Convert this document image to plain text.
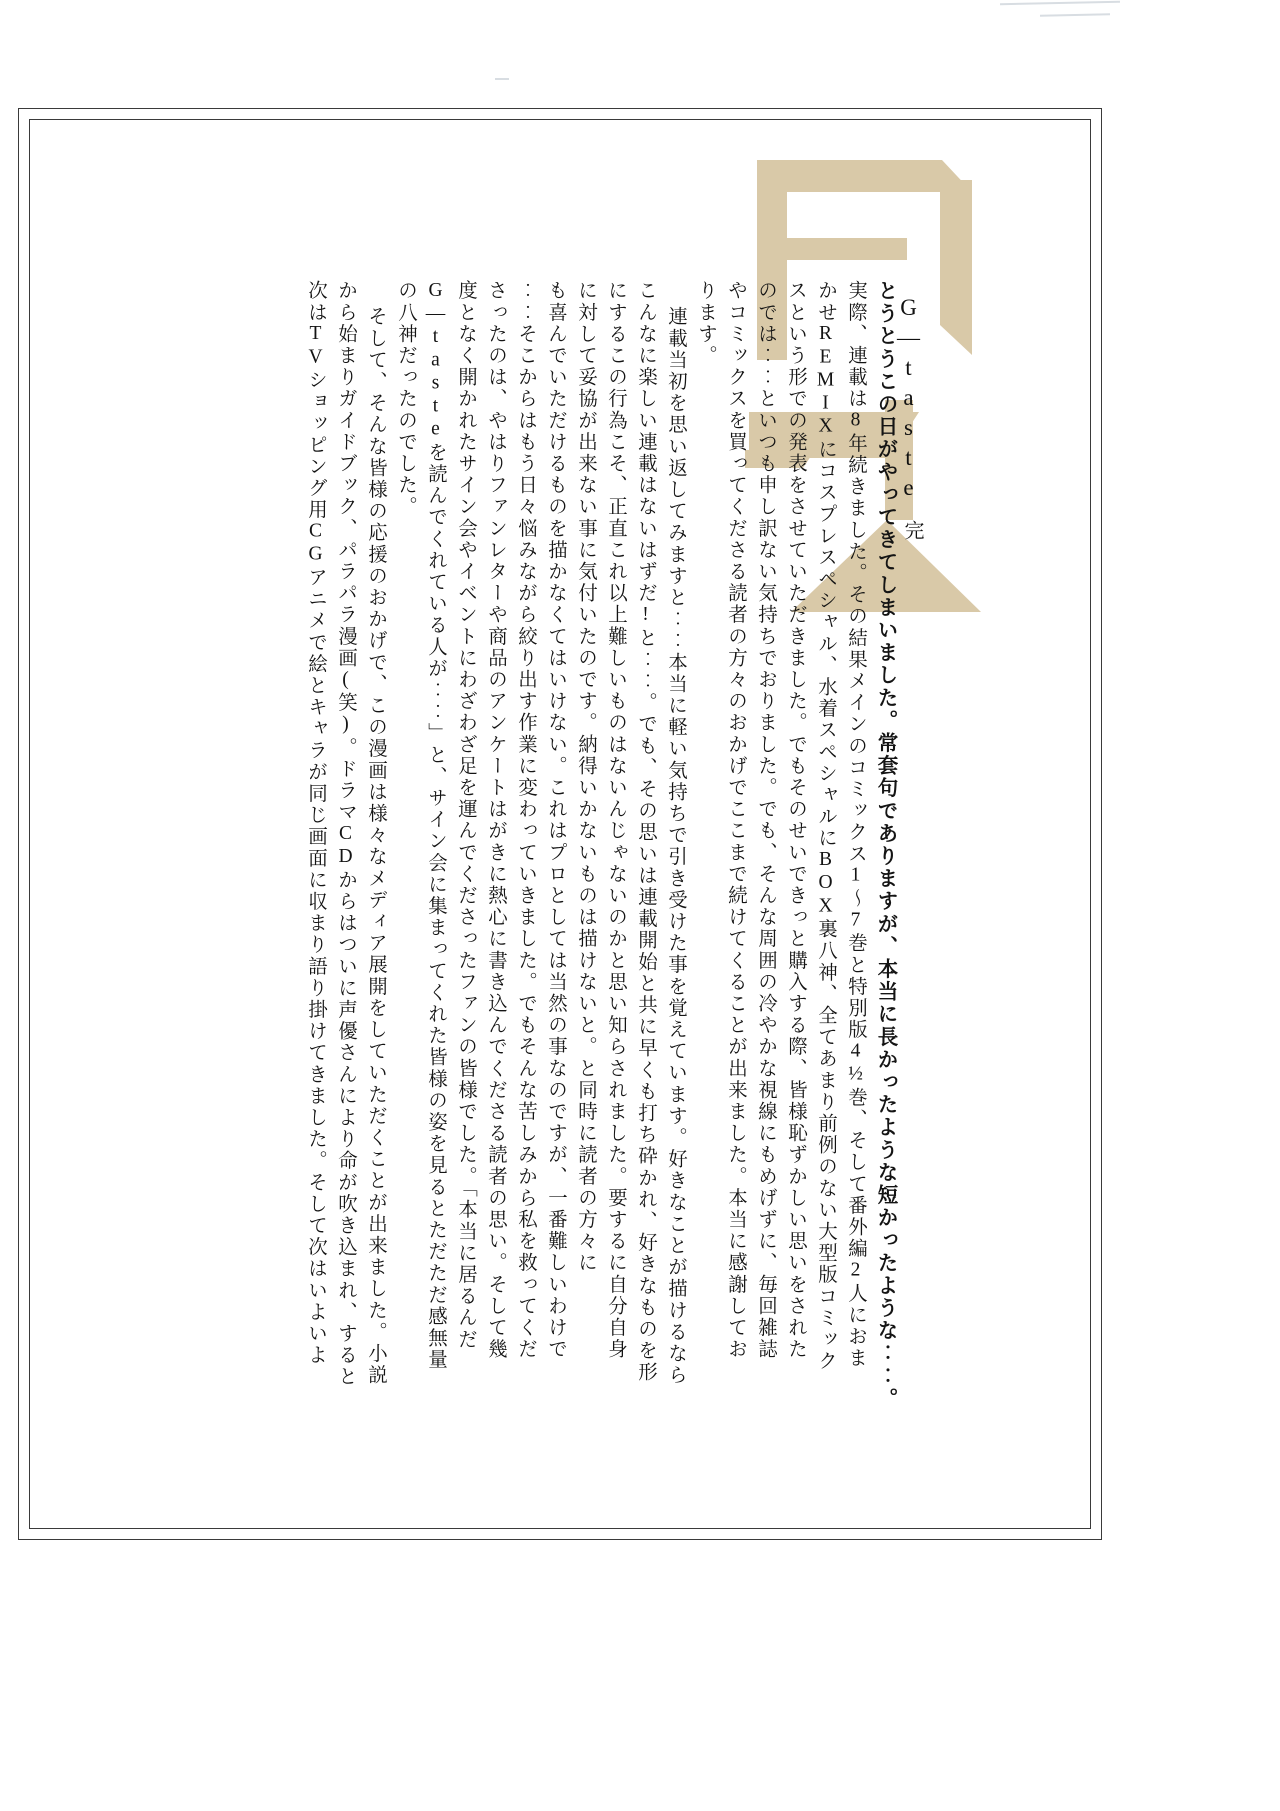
G—taste
完
とうとうこの日がやってきてしまいました。常套句でありますが、本当に長かったような短かったような‥‥。
実際、連載は8年続きました。その結果メインのコミックス1〜7巻と特別版4½巻、そして番外編2人におま
かせREMIXにコスプレスペシャル、水着スペシャルにBOX裏八神、全てあまり前例のない大型版コミック
スという形での発表をさせていただきました。でもそのせいできっと購入する際、皆様恥ずかしい思いをされた
のでは‥‥といつも申し訳ない気持ちでおりました。でも、そんな周囲の冷やかな視線にもめげずに、毎回雑誌
やコミックスを買ってくださる読者の方々のおかげでここまで続けてくることが出来ました。本当に感謝してお
ります。
連載当初を思い返してみますと‥‥本当に軽い気持ちで引き受けた事を覚えています。好きなことが描けるなら
こんなに楽しい連載はないはずだ!と‥‥。でも、その思いは連載開始と共に早くも打ち砕かれ、好きなものを形
にするこの行為こそ、正直これ以上難しいものはないんじゃないのかと思い知らされました。要するに自分自身
に対して妥協が出来ない事に気付いたのです。納得いかないものは描けないと。と同時に読者の方々に
も喜んでいただけるものを描かなくてはいけない。これはプロとしては当然の事なのですが、一番難しいわけで
‥‥そこからはもう日々悩みながら絞り出す作業に変わっていきました。でもそんな苦しみから私を救ってくだ
さったのは、やはりファンレターや商品のアンケートはがきに熱心に書き込んでくださる読者の思い。そして幾
度となく開かれたサイン会やイベントにわざわざ足を運んでくださったファンの皆様でした。「本当に居るんだ
G—tasteを読んでくれている人が‥‥」と、サイン会に集まってくれた皆様の姿を見るとただただ感無量
の八神だったのでした。
そして、そんな皆様の応援のおかげで、この漫画は様々なメディア展開をしていただくことが出来ました。小説
から始まりガイドブック、パラパラ漫画(笑)。ドラマCDからはついに声優さんにより命が吹き込まれ、すると
次はTVショッピング用CGアニメで絵とキャラが同じ画面に収まり語り掛けてきました。そして次はいよいよ
